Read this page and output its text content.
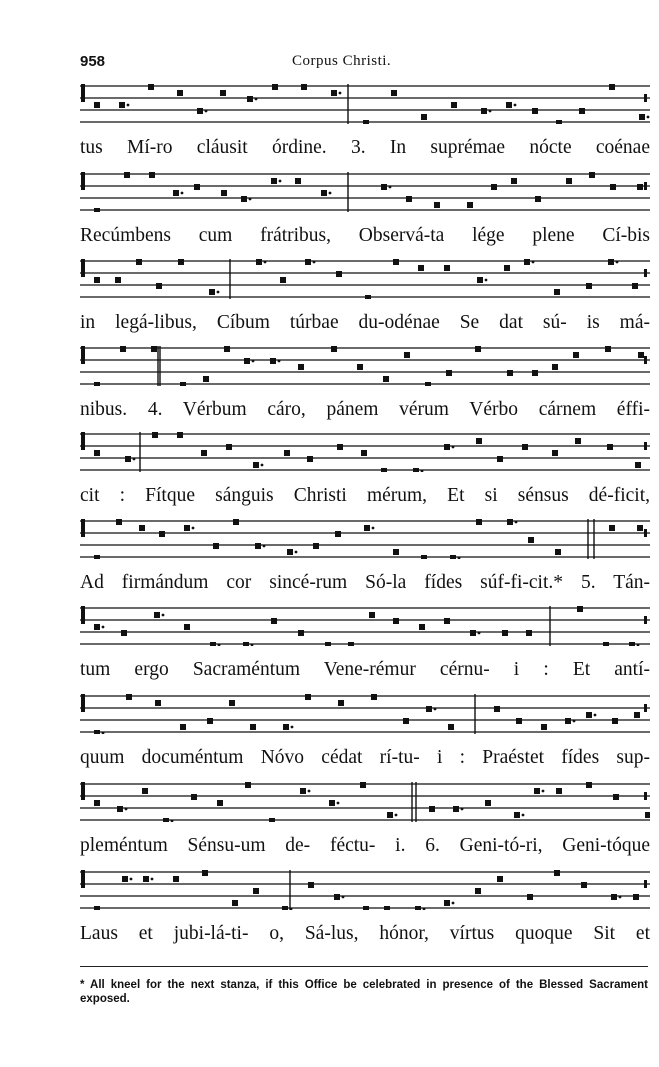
958	Corpus Christi.
tus Mí-ro cláusit órdine. 3. In suprémae nócte coénae
Recúmbens cum frátribus, Observá-ta lége plene Cí-bis
in legá-libus, Cíbum túrbae du-odénae Se dat sú- is má-
nibus. 4. Vérbum cáro, pánem vérum Vérbo cárnem éffi-
cit : Fítque sánguis Christi mérum, Et si sénsus dé-ficit,
Ad firmándum cor sincé-rum Só-la fídes súf-fi-cit.* 5. Tán-
tum ergo Sacraméntum Vene-rémur cérnu- i : Et antí-
quum documéntum Nóvo cédat rí-tu- i : Praéstet fídes sup-
pleméntum Sénsu-um de- féctu- i. 6. Geni-tó-ri, Geni-tóque
Laus et jubi-lá-ti- o, Sá-lus, hónor, vírtus quoque Sit et
* All kneel for the next stanza, if this Office be celebrated in presence of the Blessed Sacrament exposed.
